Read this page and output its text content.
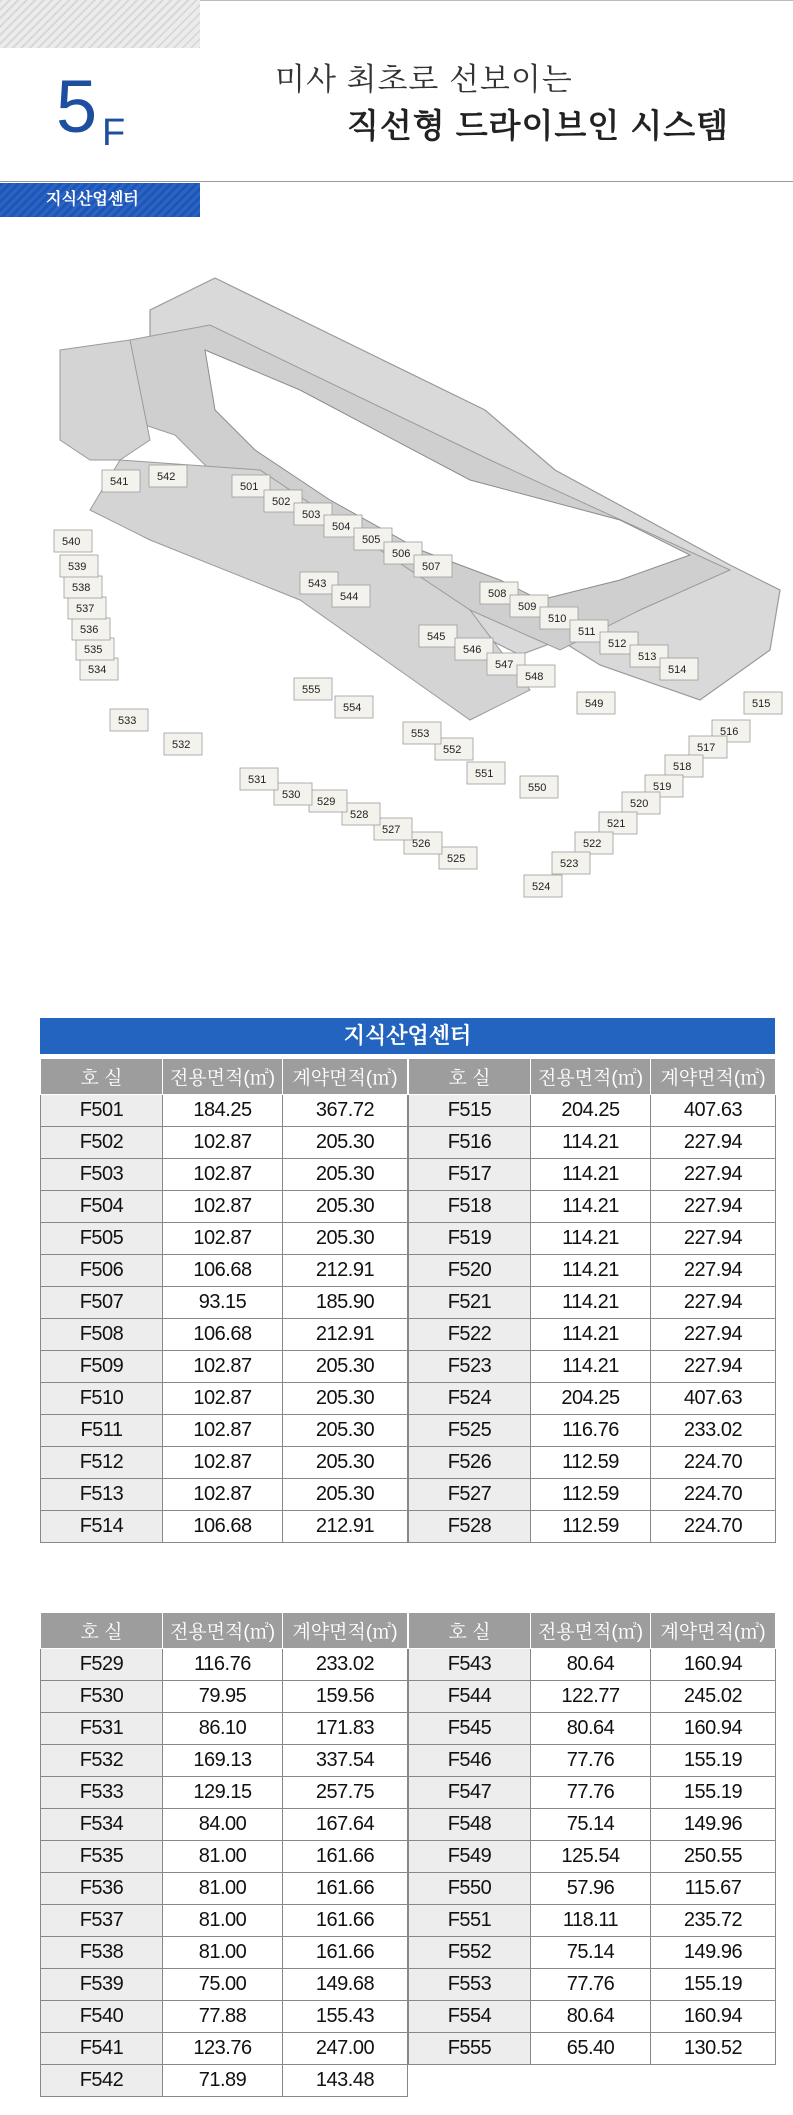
5 F
미사 최초로 선보이는
직선형 드라이브인 시스템
지식산업센터
501
502
503
504
505
506
507
508
509
510
511
512
513
514
515
516
517
518
519
520
521
522
523
524
525
526
527
528
529
530
531
532
533
534
535
536
537
538
539
540
541	542
543
544
545
546
547
548
549
550
551
552
553
554
555
지식산업센터
호 실	전용면적(㎡)	계약면적(㎡)
F501	184.25	367.72
F502	102.87	205.30
F503	102.87	205.30
F504	102.87	205.30
F505	102.87	205.30
F506	106.68	212.91
F507	93.15	185.90
F508	106.68	212.91
F509	102.87	205.30
F510	102.87	205.30
F511	102.87	205.30
F512	102.87	205.30
F513	102.87	205.30
F514	106.68	212.91
호 실	전용면적(㎡)	계약면적(㎡)
F515	204.25	407.63
F516	114.21	227.94
F517	114.21	227.94
F518	114.21	227.94
F519	114.21	227.94
F520	114.21	227.94
F521	114.21	227.94
F522	114.21	227.94
F523	114.21	227.94
F524	204.25	407.63
F525	116.76	233.02
F526	112.59	224.70
F527	112.59	224.70
F528	112.59	224.70
호 실	전용면적(㎡)	계약면적(㎡)
F529	116.76	233.02
F530	79.95	159.56
F531	86.10	171.83
F532	169.13	337.54
F533	129.15	257.75
F534	84.00	167.64
F535	81.00	161.66
F536	81.00	161.66
F537	81.00	161.66
F538	81.00	161.66
F539	75.00	149.68
F540	77.88	155.43
F541	123.76	247.00
F542	71.89	143.48
호 실	전용면적(㎡)	계약면적(㎡)
F543	80.64	160.94
F544	122.77	245.02
F545	80.64	160.94
F546	77.76	155.19
F547	77.76	155.19
F548	75.14	149.96
F549	125.54	250.55
F550	57.96	115.67
F551	118.11	235.72
F552	75.14	149.96
F553	77.76	155.19
F554	80.64	160.94
F555	65.40	130.52
